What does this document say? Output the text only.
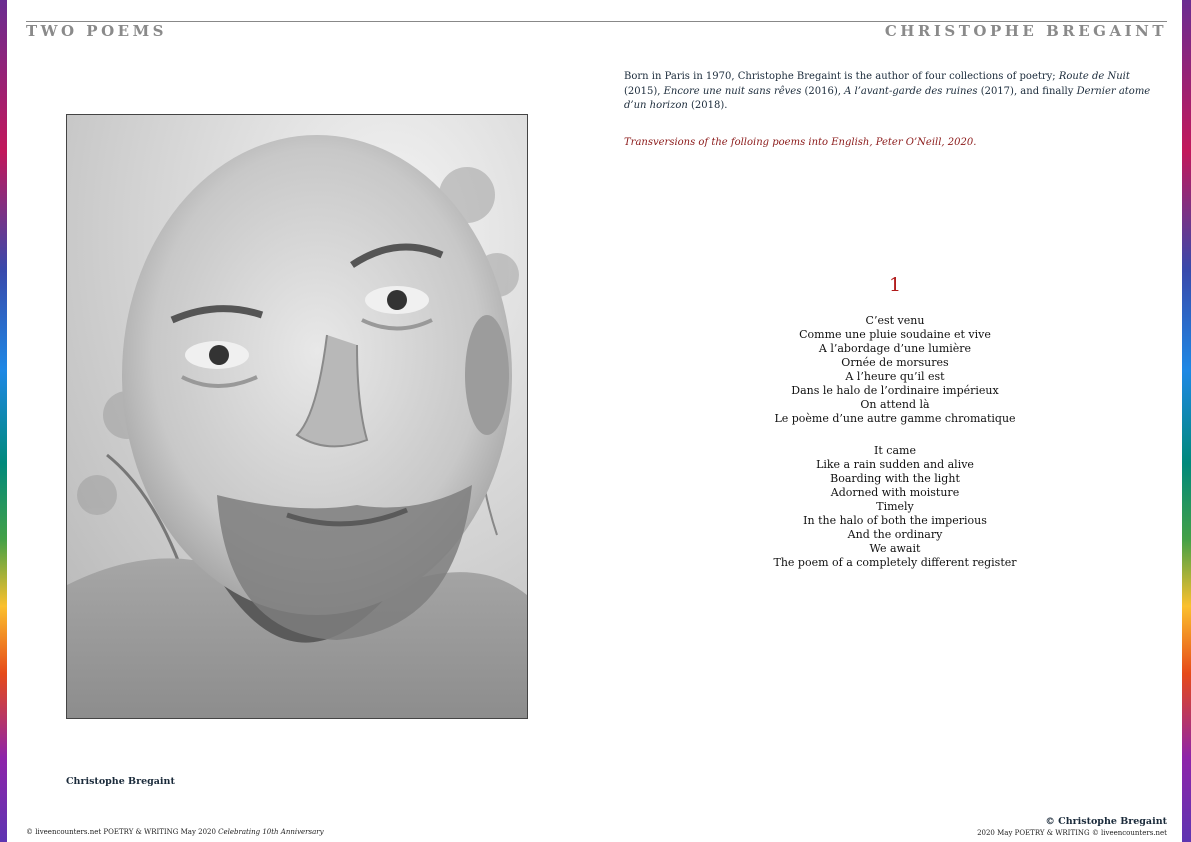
TWO POEMS	CHRISTOPHE BREGAINT
Christophe Bregaint
Born in Paris in 1970, Christophe Bregaint is the author of four collections of poetry; Route de Nuit (2015), Encore une nuit sans rêves (2016), A l’avant-garde des ruines (2017), and finally Dernier atome d’un horizon (2018).
Transversions of the folloing poems into English, Peter O’Neill, 2020.
1
C’est venu
Comme une pluie soudaine et vive
A l’abordage d’une lumière
Ornée de morsures
A l’heure qu’il est
Dans le halo de l’ordinaire impérieux
On attend là
Le poème d’une autre gamme chromatique
It came
Like a rain sudden and alive
Boarding with the light
Adorned with moisture
Timely
In the halo of both the imperious
And the ordinary
We await
The poem of a completely different register
© liveencounters.net POETRY & WRITING May 2020 Celebrating 10th Anniversary
© Christophe Bregaint
2020 May POETRY & WRITING © liveencounters.net
